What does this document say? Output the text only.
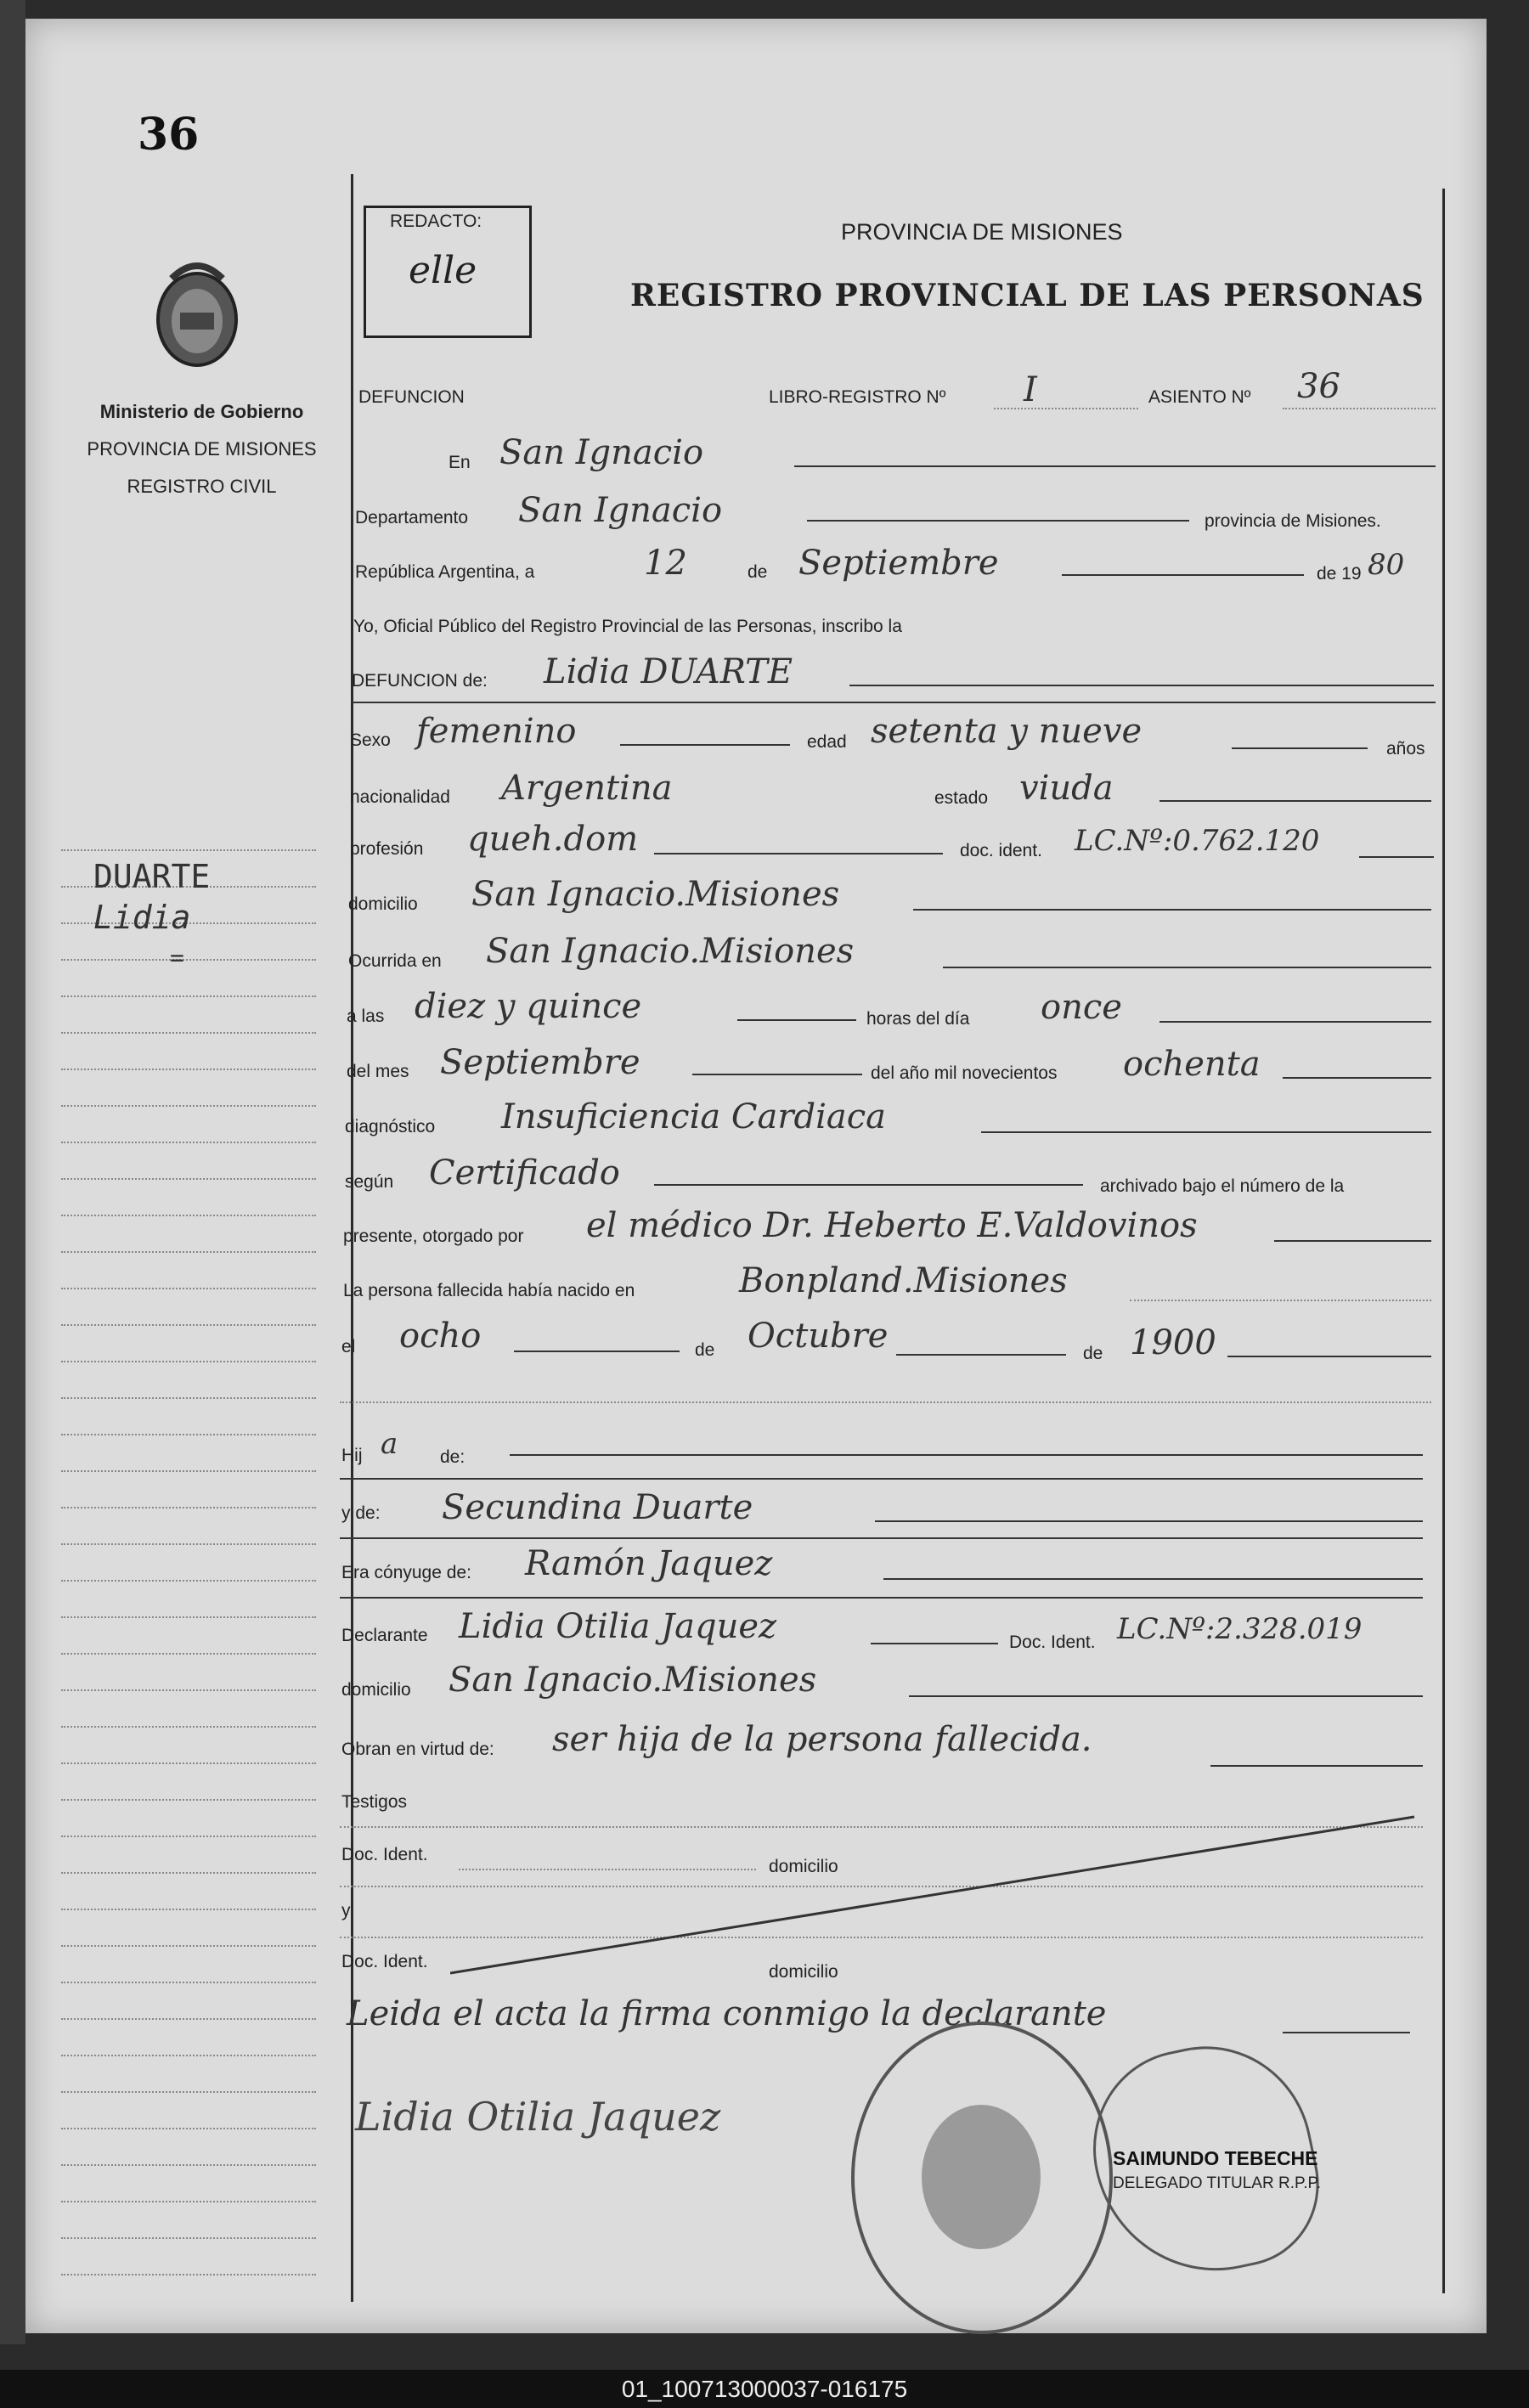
36
Ministerio de Gobierno
PROVINCIA DE MISIONES
REGISTRO CIVIL
DUARTE
Lidia
=
REDACTO:
elle
PROVINCIA DE MISIONES
REGISTRO PROVINCIAL DE LAS PERSONAS
DEFUNCION	LIBRO-REGISTRO Nº I	ASIENTO Nº 36
En San Ignacio
Departamento San Ignacio	provincia de Misiones.
República Argentina, a	12	de Septiembre	de 19 80
Yo, Oficial Público del Registro Provincial de las Personas, inscribo la
DEFUNCION de: Lidia DUARTE
Sexo femenino	edad setenta y nueve	años
nacionalidad Argentina	estado viuda
profesión queh.dom	doc. ident. LC.Nº:0.762.120
domicilio San Ignacio.Misiones
Ocurrida en San Ignacio.Misiones
a las diez y quince	horas del día once
del mes Septiembre	del año mil novecientos ochenta
diagnóstico Insuficiencia Cardiaca
según Certificado	archivado bajo el número de la
presente, otorgado por el médico Dr. Heberto E.Valdovinos
La persona fallecida había nacido en	Bonpland.Misiones
el ocho	de Octubre	de 1900
Hij a de:
y de: Secundina Duarte
Era cónyuge de: Ramón Jaquez
Declarante Lidia Otilia Jaquez	Doc. Ident. LC.Nº:2.328.019
domicilio San Ignacio.Misiones
Obran en virtud de: ser hija de la persona fallecida.
Testigos
Doc. Ident.
domicilio
y
Doc. Ident.
domicilio
Leida el acta la firma conmigo la declarante
Lidia Otilia Jaquez
SAIMUNDO TEBECHE
DELEGADO TITULAR R.P.P.
01_100713000037-016175
